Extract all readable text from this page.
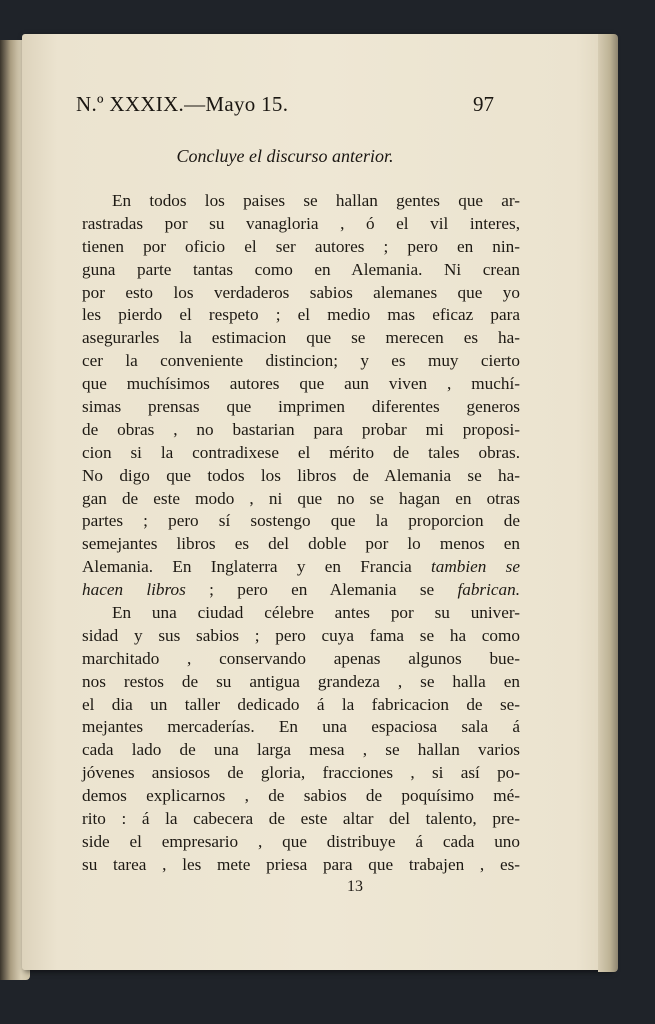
N.º XXXIX.—Mayo 15.	97
Concluye el discurso anterior.
En todos los paises se hallan gentes que ar-
rastradas por su vanagloria , ó el vil interes,
tienen por oficio el ser autores ; pero en nin-
guna parte tantas como en Alemania. Ni crean
por esto los verdaderos sabios alemanes que yo
les pierdo el respeto ; el medio mas eficaz para
asegurarles la estimacion que se merecen es ha-
cer la conveniente distincion; y es muy cierto
que muchísimos autores que aun viven , muchí-
simas prensas que imprimen diferentes generos
de obras , no bastarian para probar mi proposi-
cion si la contradixese el mérito de tales obras.
No digo que todos los libros de Alemania se ha-
gan de este modo , ni que no se hagan en otras
partes ; pero sí sostengo que la proporcion de
semejantes libros es del doble por lo menos en
Alemania. En Inglaterra y en Francia tambien se
hacen libros ; pero en Alemania se fabrican.
En una ciudad célebre antes por su univer-
sidad y sus sabios ; pero cuya fama se ha como
marchitado , conservando apenas algunos bue-
nos restos de su antigua grandeza , se halla en
el dia un taller dedicado á la fabricacion de se-
mejantes mercaderías. En una espaciosa sala á
cada lado de una larga mesa , se hallan varios
jóvenes ansiosos de gloria, fracciones , si así po-
demos explicarnos , de sabios de poquísimo mé-
rito : á la cabecera de este altar del talento, pre-
side el empresario , que distribuye á cada uno
su tarea , les mete priesa para que trabajen , es-
13
